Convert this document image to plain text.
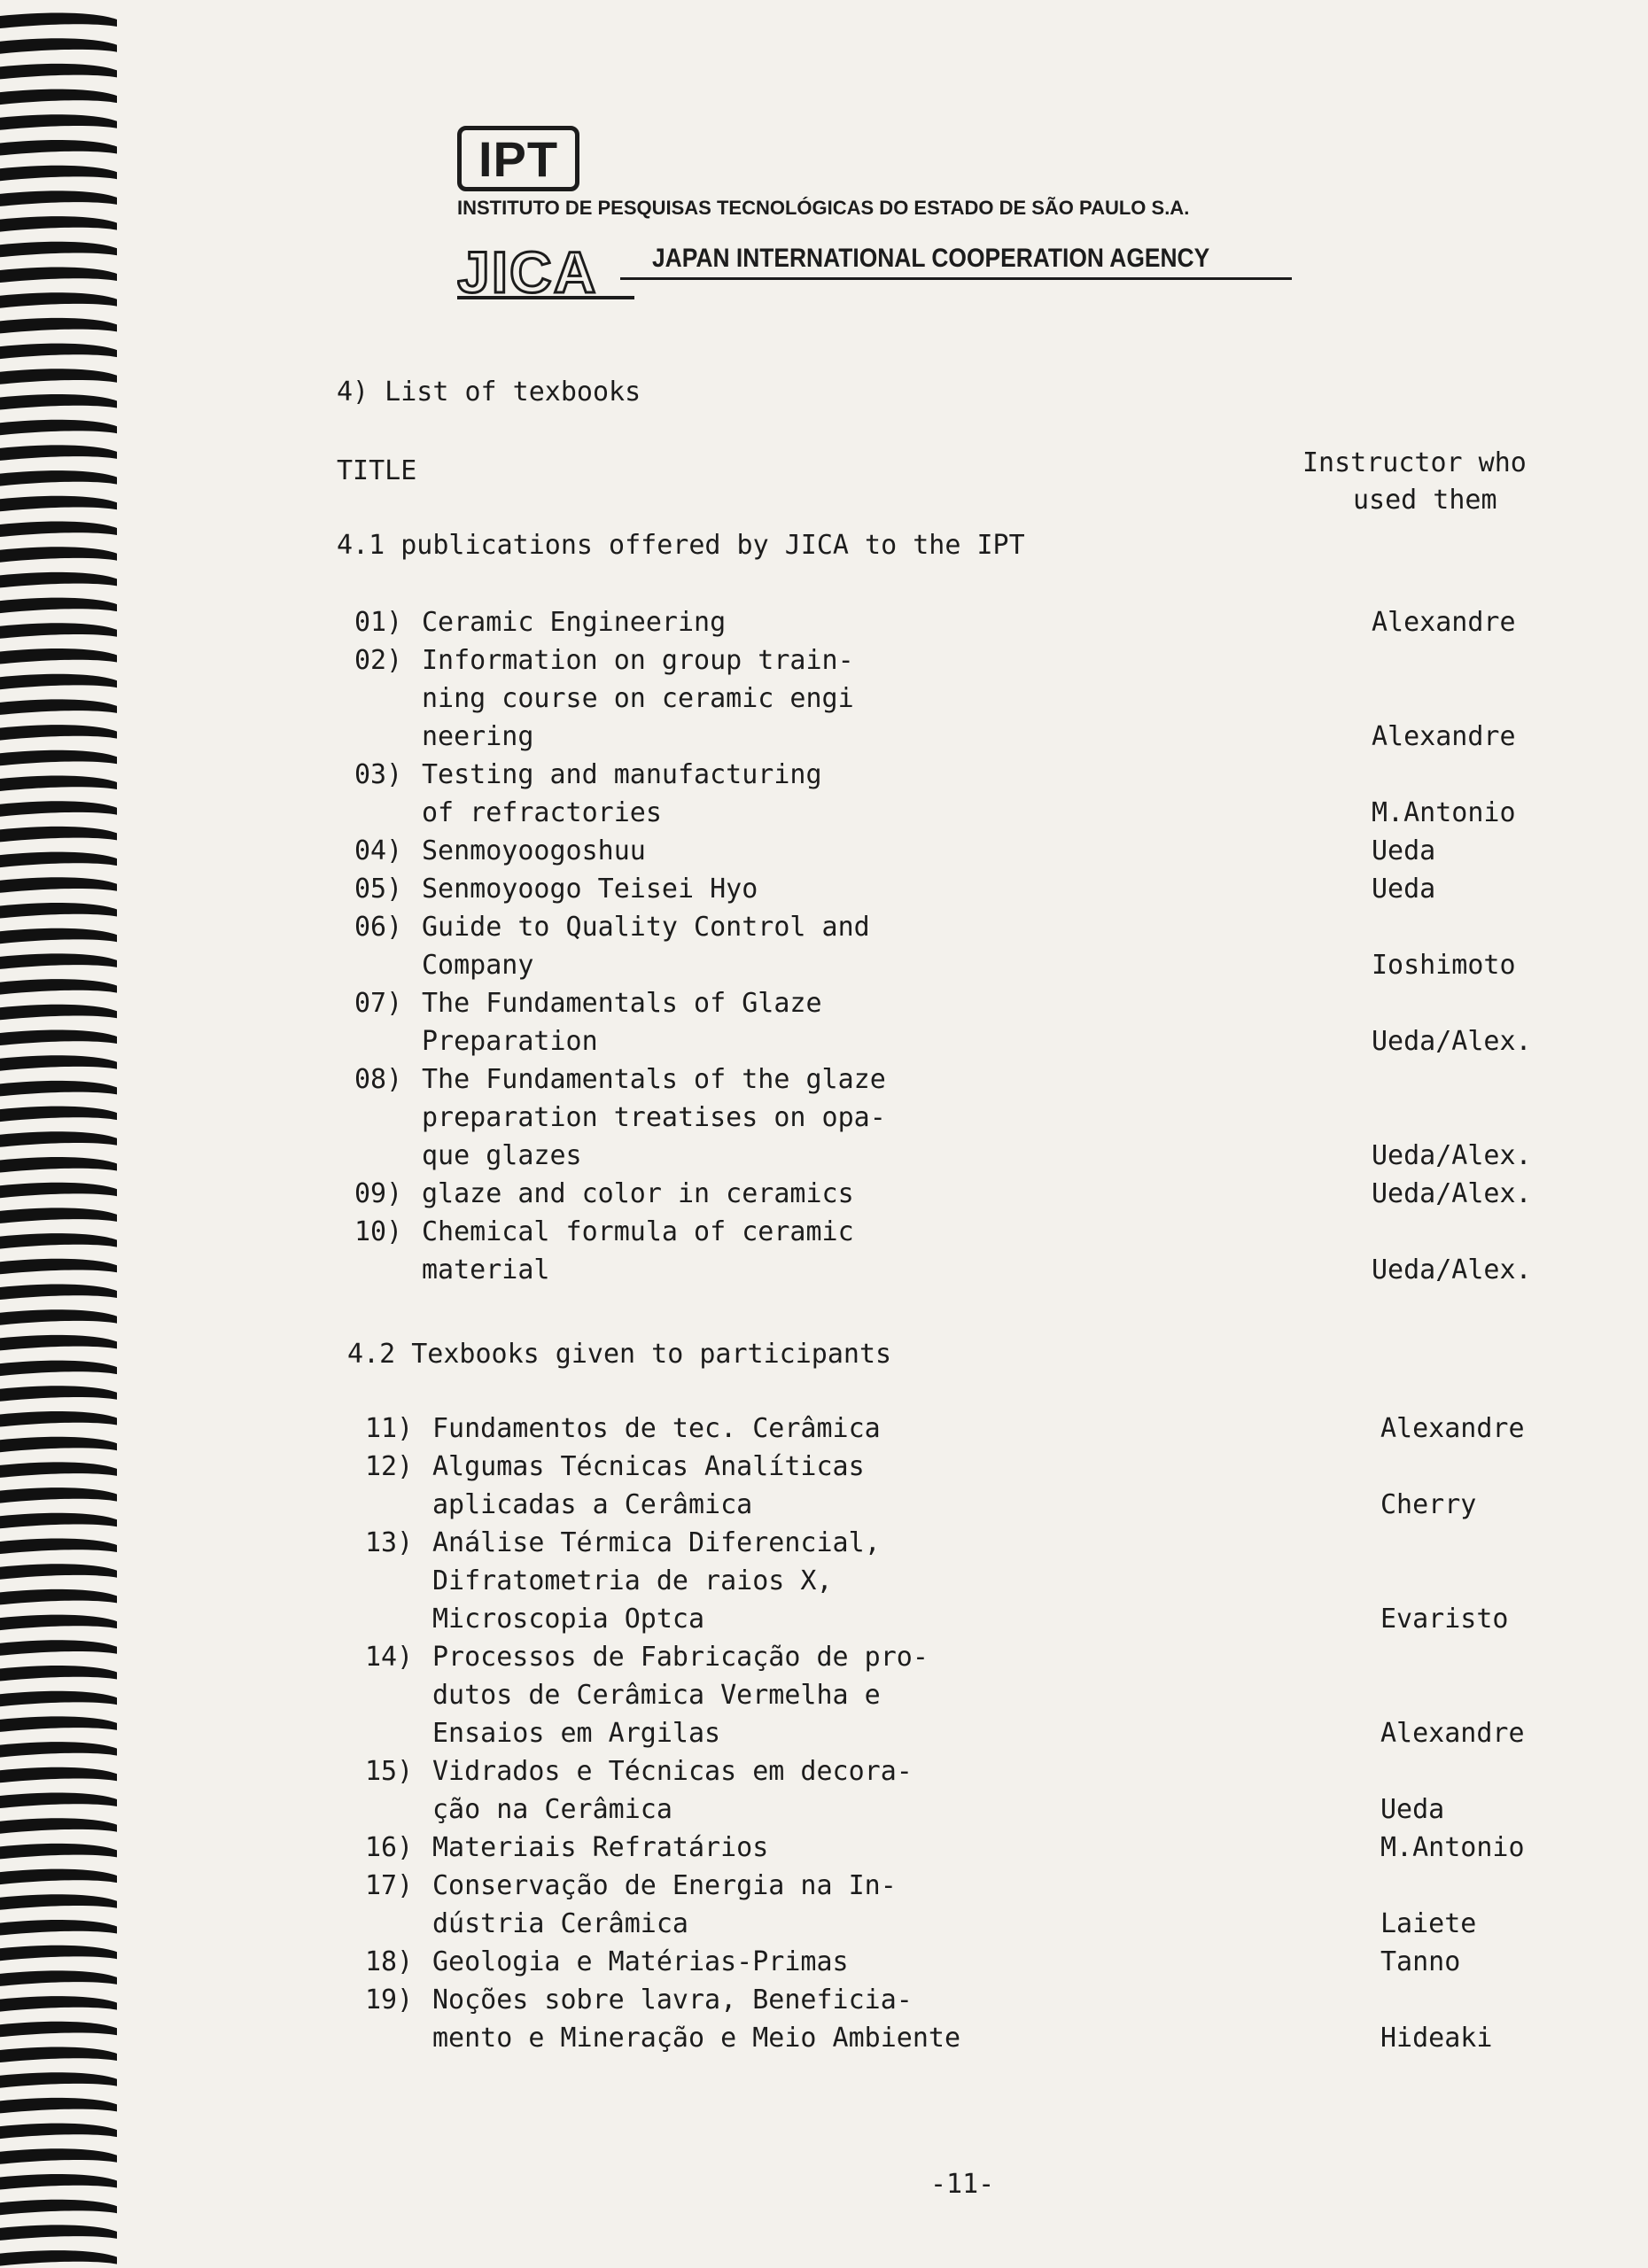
IPT
INSTITUTO DE PESQUISAS TECNOLÓGICAS DO ESTADO DE SÃO PAULO S.A.
JICA JAPAN INTERNATIONAL COOPERATION AGENCY
4) List of texbooks
TITLE	Instructor who
used them
4.1 publications offered by JICA to the IPT
01) Ceramic Engineering	Alexandre
02) Information on group train-
ning course on ceramic engi
neering	Alexandre
03) Testing and manufacturing
of refractories	M.Antonio
04) Senmoyoogoshuu	Ueda
05) Senmoyoogo Teisei Hyo	Ueda
06) Guide to Quality Control and
Company	Ioshimoto
07) The Fundamentals of Glaze
Preparation	Ueda/Alex.
08) The Fundamentals of the glaze
preparation treatises on opa-
que glazes	Ueda/Alex.
09) glaze and color in ceramics	Ueda/Alex.
10) Chemical formula of ceramic
material	Ueda/Alex.
4.2 Texbooks given to participants
11) Fundamentos de tec. Cerâmica	Alexandre
12) Algumas Técnicas Analíticas
aplicadas a Cerâmica	Cherry
13) Análise Térmica Diferencial,
Difratometria de raios X,
Microscopia Optca	Evaristo
14) Processos de Fabricação de pro-
dutos de Cerâmica Vermelha e
Ensaios em Argilas	Alexandre
15) Vidrados e Técnicas em decora-
ção na Cerâmica	Ueda
16) Materiais Refratários	M.Antonio
17) Conservação de Energia na In-
dústria Cerâmica	Laiete
18) Geologia e Matérias-Primas	Tanno
19) Noções sobre lavra, Beneficia-
mento e Mineração e Meio Ambiente	Hideaki
-11-
